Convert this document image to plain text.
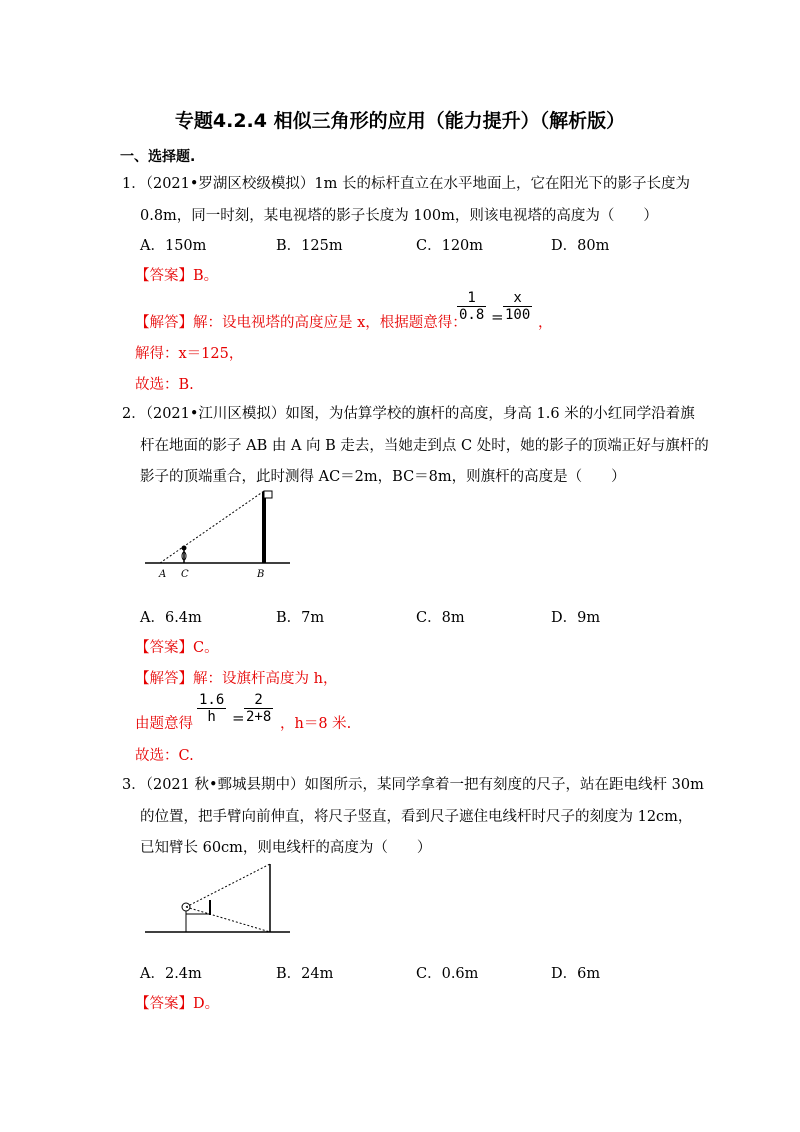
专题4.2.4 相似三角形的应用（能力提升）（解析版）
一、选择题.
1．（2021•罗湖区校级模拟）1m 长的标杆直立在水平地面上，它在阳光下的影子长度为
0.8m，同一时刻，某电视塔的影子长度为 100m，则该电视塔的高度为（　　）
A．150m	B．125m	C．120m	D．80m
【答案】B。
【解答】解：设电视塔的高度应是 x，根据题意得：
1
0.8 =
x
100 ，
解得：x＝125，
故选：B.
2．（2021•江川区模拟）如图，为估算学校的旗杆的高度，身高 1.6 米的小红同学沿着旗
杆在地面的影子 AB 由 A 向 B 走去，当她走到点 C 处时，她的影子的顶端正好与旗杆的
影子的顶端重合，此时测得 AC＝2m，BC＝8m，则旗杆的高度是（　　）
A C	B
A．6.4m	B．7m	C．8m	D．9m
【答案】C。
【解答】解：设旗杆高度为 h，
由题意得
1.6
h	=
2
2+8 ，h＝8 米.
故选：C.
3．（2021 秋•鄄城县期中）如图所示，某同学拿着一把有刻度的尺子，站在距电线杆 30m
的位置，把手臂向前伸直，将尺子竖直，看到尺子遮住电线杆时尺子的刻度为 12cm，
已知臂长 60cm，则电线杆的高度为（　　）
A．2.4m	B．24m	C．0.6m	D．6m
【答案】D。
